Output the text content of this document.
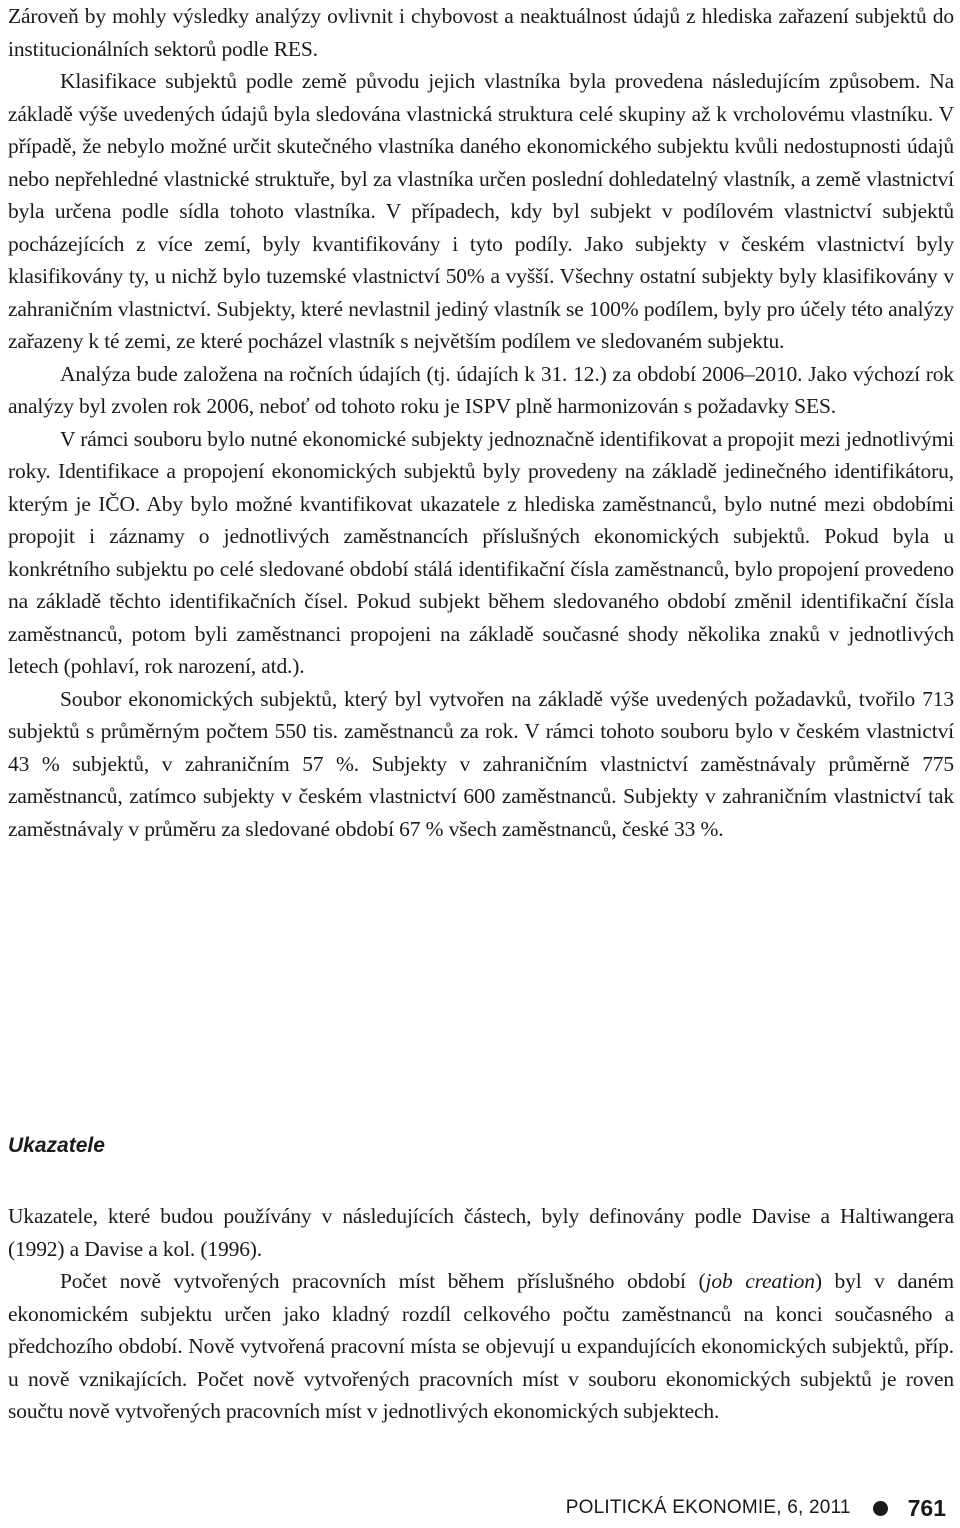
Zároveň by mohly výsledky analýzy ovlivnit i chybovost a neaktuálnost údajů z hlediska zařazení subjektů do institucionálních sektorů podle RES.

Klasifikace subjektů podle země původu jejich vlastníka byla provedena následujícím způsobem. Na základě výše uvedených údajů byla sledována vlastnická struktura celé skupiny až k vrcholovému vlastníku. V případě, že nebylo možné určit skutečného vlastníka daného ekonomického subjektu kvůli nedostupnosti údajů nebo nepřehledné vlastnické struktuře, byl za vlastníka určen poslední dohledatelný vlastník, a země vlastnictví byla určena podle sídla tohoto vlastníka. V případech, kdy byl subjekt v podílovém vlastnictví subjektů pocházejících z více zemí, byly kvantifikovány i tyto podíly. Jako subjekty v českém vlastnictví byly klasifikovány ty, u nichž bylo tuzemské vlastnictví 50% a vyšší. Všechny ostatní subjekty byly klasifikovány v zahraničním vlastnictví. Subjekty, které nevlastnil jediný vlastník se 100% podílem, byly pro účely této analýzy zařazeny k té zemi, ze které pocházel vlastník s největším podílem ve sledovaném subjektu.

Analýza bude založena na ročních údajích (tj. údajích k 31. 12.) za období 2006–2010. Jako výchozí rok analýzy byl zvolen rok 2006, neboť od tohoto roku je ISPV plně harmonizován s požadavky SES.

V rámci souboru bylo nutné ekonomické subjekty jednoznačně identifikovat a propojit mezi jednotlivými roky. Identifikace a propojení ekonomických subjektů byly provedeny na základě jedinečného identifikátoru, kterým je IČO. Aby bylo možné kvantifikovat ukazatele z hlediska zaměstnanců, bylo nutné mezi obdobími propojit i záznamy o jednotlivých zaměstnancích příslušných ekonomických subjektů. Pokud byla u konkrétního subjektu po celé sledované období stálá identifikační čísla zaměstnanců, bylo propojení provedeno na základě těchto identifikačních čísel. Pokud subjekt během sledovaného období změnil identifikační čísla zaměstnanců, potom byli zaměstnanci propojeni na základě současné shody několika znaků v jednotlivých letech (pohlaví, rok narození, atd.).

Soubor ekonomických subjektů, který byl vytvořen na základě výše uvedených požadavků, tvořilo 713 subjektů s průměrným počtem 550 tis. zaměstnanců za rok. V rámci tohoto souboru bylo v českém vlastnictví 43 % subjektů, v zahraničním 57 %. Subjekty v zahraničním vlastnictví zaměstnávaly průměrně 775 zaměstnanců, zatímco subjekty v českém vlastnictví 600 zaměstnanců. Subjekty v zahraničním vlastnictví tak zaměstnávaly v průměru za sledované období 67 % všech zaměstnanců, české 33 %.

Ukazatele

Ukazatele, které budou používány v následujících částech, byly definovány podle Davise a Haltiwangera (1992) a Davise a kol. (1996).

Počet nově vytvořených pracovních míst během příslušného období (job creation) byl v daném ekonomickém subjektu určen jako kladný rozdíl celkového počtu zaměstnanců na konci současného a předchozího období. Nově vytvořená pracovní místa se objevují u expandujících ekonomických subjektů, příp. u nově vznikajících. Počet nově vytvořených pracovních míst v souboru ekonomických subjektů je roven součtu nově vytvořených pracovních míst v jednotlivých ekonomických subjektech.

POLITICKÁ EKONOMIE, 6, 2011 761
